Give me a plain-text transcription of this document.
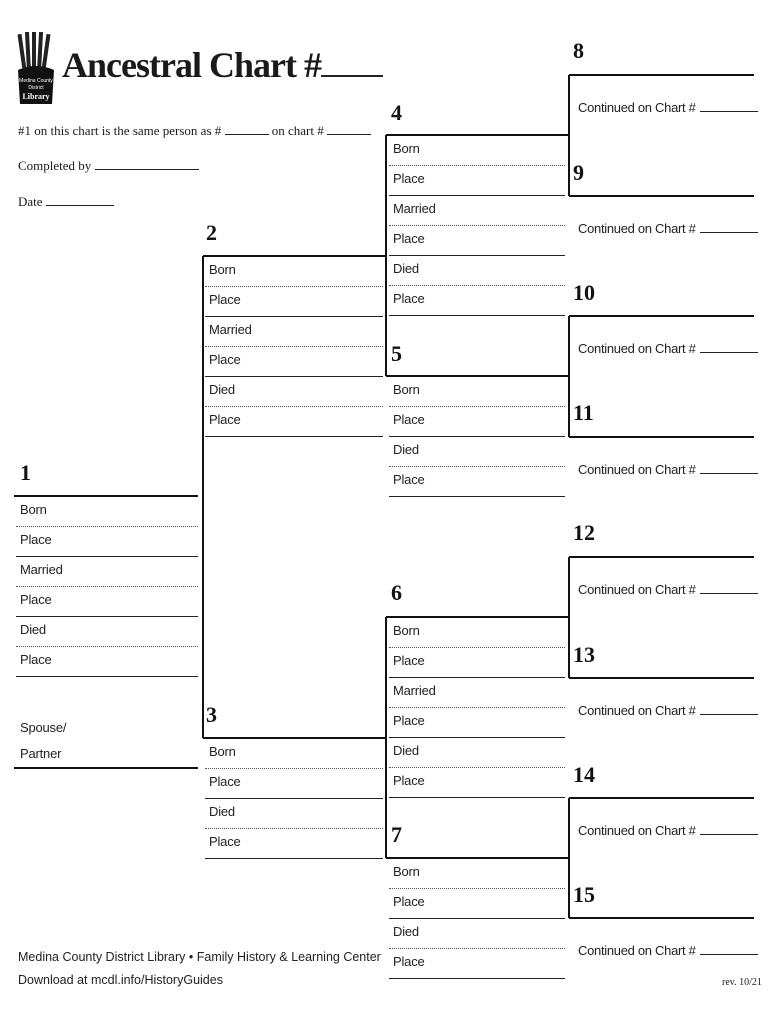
Medina County
District
Library
Ancestral Chart #
#1 on this chart is the same person as #	on chart #
Completed by
Date
1
Born
Place
Married
Place
Died
Place
Spouse/
Partner
2
Born
Place
Married
Place
Died
Place
3
Born
Place
Died
Place
4
Born
Place
Married
Place
Died
Place
5
Born
Place
Died
Place
6
Born
Place
Married
Place
Died
Place
7
Born
Place
Died
Place
8
Continued on Chart #
9
Continued on Chart #
10
Continued on Chart #
11
Continued on Chart #
12
Continued on Chart #
13
Continued on Chart #
14
Continued on Chart #
15
Continued on Chart #
Medina County District Library • Family History & Learning Center
Download at mcdl.info/HistoryGuides	rev. 10/21
